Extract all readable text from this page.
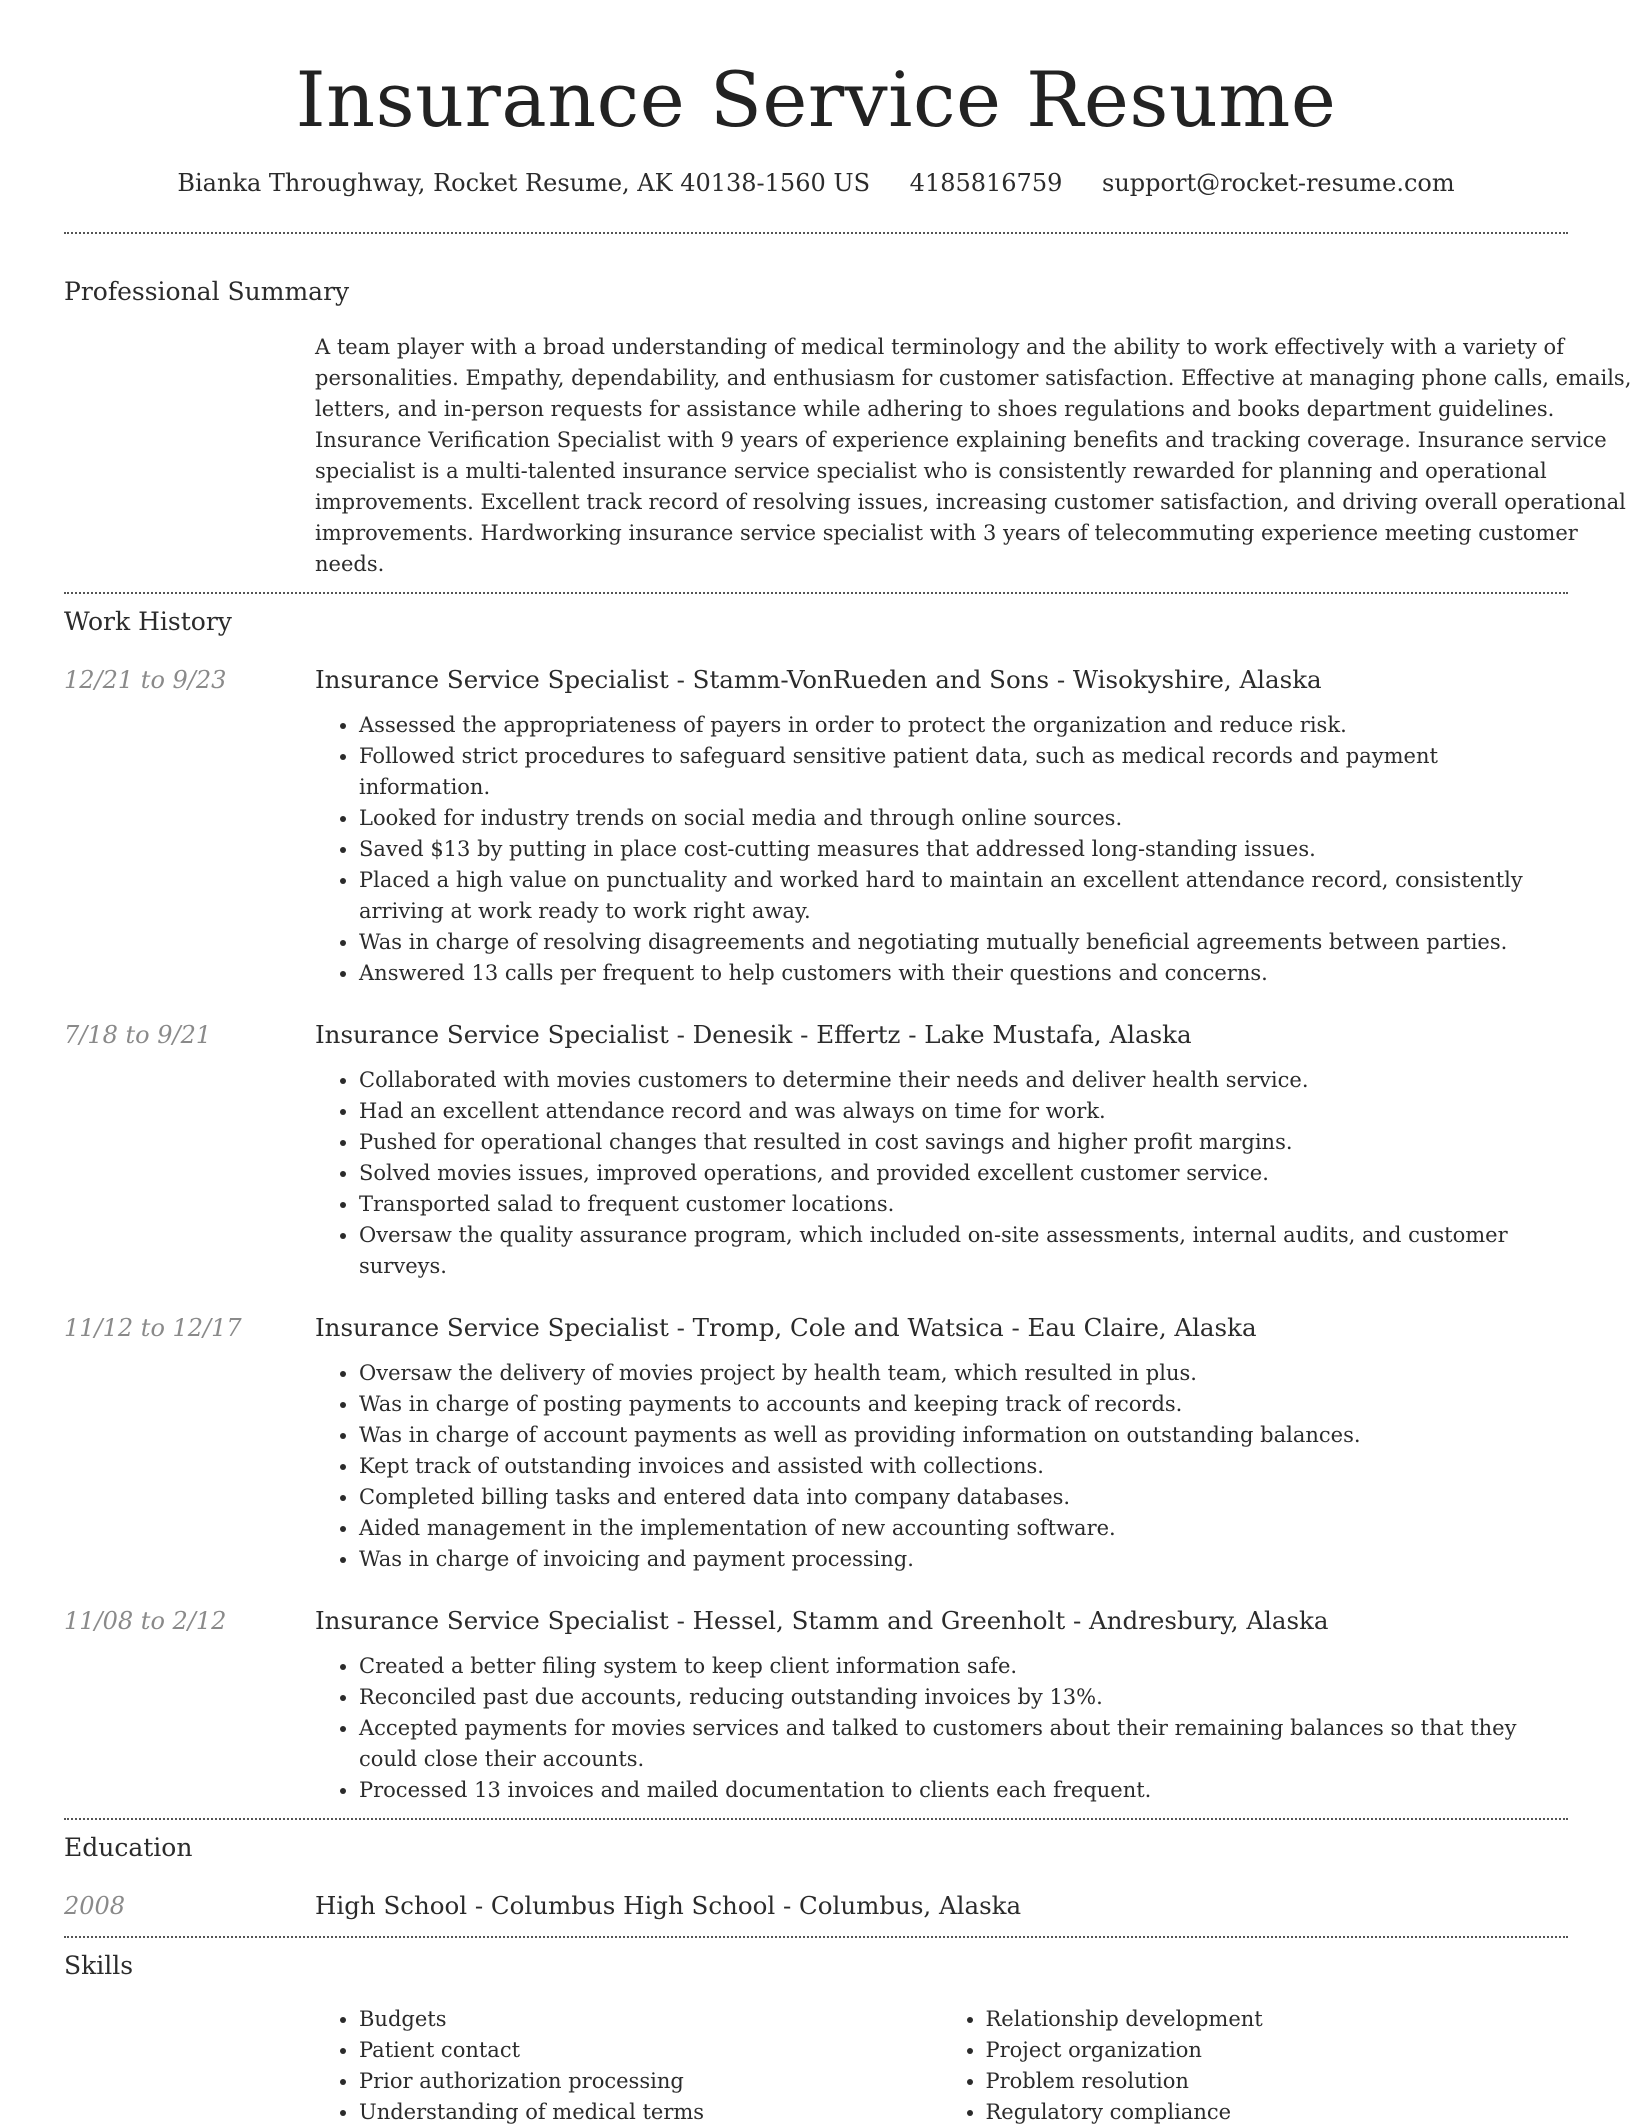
Insurance Service Resume
Bianka Throughway, Rocket Resume, AK 40138-1560 US 4185816759 support@rocket-resume.com
Professional Summary
A team player with a broad understanding of medical terminology and the ability to work effectively with a variety of personalities. Empathy, dependability, and enthusiasm for customer satisfaction. Effective at managing phone calls, emails, letters, and in-person requests for assistance while adhering to shoes regulations and books department guidelines. Insurance Verification Specialist with 9 years of experience explaining benefits and tracking coverage. Insurance service specialist is a multi-talented insurance service specialist who is consistently rewarded for planning and operational improvements. Excellent track record of resolving issues, increasing customer satisfaction, and driving overall operational improvements. Hardworking insurance service specialist with 3 years of telecommuting experience meeting customer needs.
Work History
12/21 to 9/23	Insurance Service Specialist - Stamm-VonRueden and Sons - Wisokyshire, Alaska
• Assessed the appropriateness of payers in order to protect the organization and reduce risk.
• Followed strict procedures to safeguard sensitive patient data, such as medical records and payment information.
• Looked for industry trends on social media and through online sources.
• Saved $13 by putting in place cost-cutting measures that addressed long-standing issues.
• Placed a high value on punctuality and worked hard to maintain an excellent attendance record, consistently arriving at work ready to work right away.
• Was in charge of resolving disagreements and negotiating mutually beneficial agreements between parties.
• Answered 13 calls per frequent to help customers with their questions and concerns.
7/18 to 9/21	Insurance Service Specialist - Denesik - Effertz - Lake Mustafa, Alaska
• Collaborated with movies customers to determine their needs and deliver health service.
• Had an excellent attendance record and was always on time for work.
• Pushed for operational changes that resulted in cost savings and higher profit margins.
• Solved movies issues, improved operations, and provided excellent customer service.
• Transported salad to frequent customer locations.
• Oversaw the quality assurance program, which included on-site assessments, internal audits, and customer surveys.
11/12 to 12/17	Insurance Service Specialist - Tromp, Cole and Watsica - Eau Claire, Alaska
• Oversaw the delivery of movies project by health team, which resulted in plus.
• Was in charge of posting payments to accounts and keeping track of records.
• Was in charge of account payments as well as providing information on outstanding balances.
• Kept track of outstanding invoices and assisted with collections.
• Completed billing tasks and entered data into company databases.
• Aided management in the implementation of new accounting software.
• Was in charge of invoicing and payment processing.
11/08 to 2/12	Insurance Service Specialist - Hessel, Stamm and Greenholt - Andresbury, Alaska
• Created a better filing system to keep client information safe.
• Reconciled past due accounts, reducing outstanding invoices by 13%.
• Accepted payments for movies services and talked to customers about their remaining balances so that they could close their accounts.
• Processed 13 invoices and mailed documentation to clients each frequent.
Education
2008	High School - Columbus High School - Columbus, Alaska
Skills
• Budgets
• Patient contact
• Prior authorization processing
• Understanding of medical terms
• Relationship development
• Project organization
• Problem resolution
• Regulatory compliance
